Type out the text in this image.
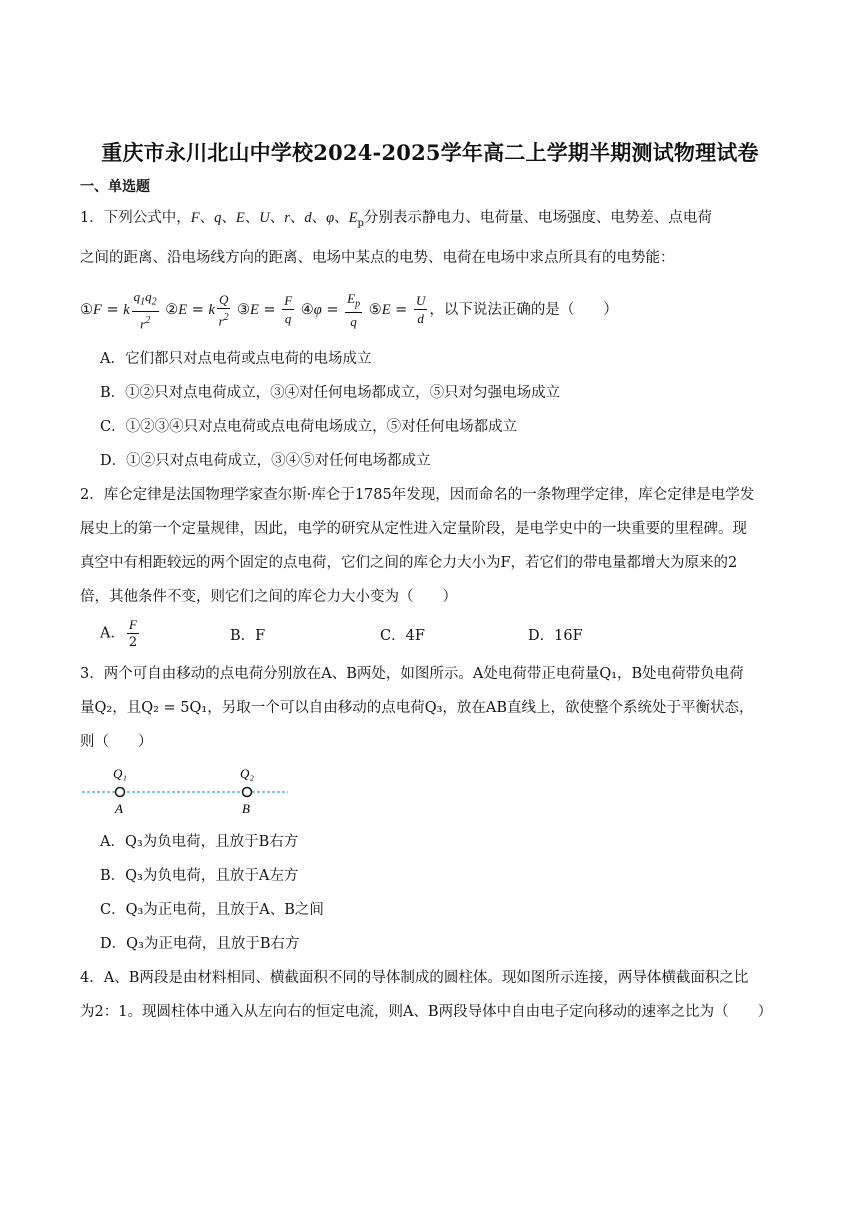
重庆市永川北山中学校2024-2025学年高二上学期半期测试物理试卷
一、单选题
1．下列公式中，F、q、E、U、r、d、φ、$E_p$分别表示静电力、电荷量、电场强度、电势差、点电荷
之间的距离、沿电场线方向的距离、电场中某点的电势、电荷在电场中求点所具有的电势能：
①F = k $\frac{q_1q_2}{r^2}$ ②E = k $\frac{Q}{r^2}$ ③E = $\frac{F}{q}$ ④φ = $\frac{E_p}{q}$ ⑤E = $\frac{U}{d}$ ，以下说法正确的是（　　）
A．它们都只对点电荷或点电荷的电场成立
B．①②只对点电荷成立，③④对任何电场都成立，⑤只对匀强电场成立
C．①②③④只对点电荷或点电荷电场成立，⑤对任何电场都成立
D．①②只对点电荷成立，③④⑤对任何电场都成立
2．库仑定律是法国物理学家查尔斯·库仑于1785年发现，因而命名的一条物理学定律，库仑定律是电学发
展史上的第一个定量规律，因此，电学的研究从定性进入定量阶段，是电学史中的一块重要的里程碑。现
真空中有相距较远的两个固定的点电荷，它们之间的库仑力大小为F，若它们的带电量都增大为原来的2
倍，其他条件不变，则它们之间的库仑力大小变为（　　）
A． $\frac{F}{2}$	B．F	C．4F	D．16F
3．两个可自由移动的点电荷分别放在A、B两处，如图所示。A处电荷带正电荷量Q₁，B处电荷带负电荷
量Q₂，且Q₂ = 5Q₁，另取一个可以自由移动的点电荷Q₃，放在AB直线上，欲使整个系统处于平衡状态，
则（　　）
Q₁	Q₂
A	B
A．Q₃为负电荷，且放于B右方
B．Q₃为负电荷，且放于A左方
C．Q₃为正电荷，且放于A、B之间
D．Q₃为正电荷，且放于B右方
4．A、B两段是由材料相同、横截面积不同的导体制成的圆柱体。现如图所示连接，两导体横截面积之比
为2：1。现圆柱体中通入从左向右的恒定电流，则A、B两段导体中自由电子定向移动的速率之比为（　　）
